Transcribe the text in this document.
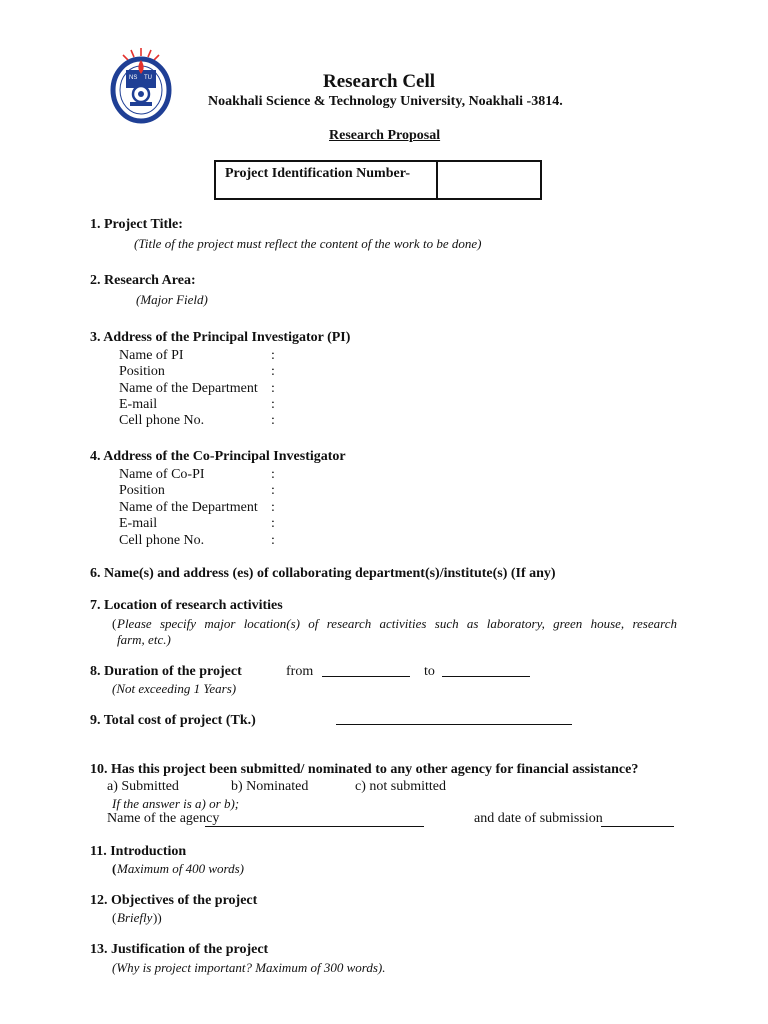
NS TU	Research Cell
Noakhali Science & Technology University, Noakhali -3814.
Research Proposal
Project Identification Number-
1. Project Title:
(Title of the project must reflect the content of the work to be done)
2. Research Area:
(Major Field)
3. Address of the Principal Investigator (PI)
Name of PI	:
Position	:
Name of the Department :
E-mail	:
Cell phone No.	:
4. Address of the Co-Principal Investigator
Name of Co-PI	:
Position	:
Name of the Department :
E-mail	:
Cell phone No.	:
6. Name(s) and address (es) of collaborating department(s)/institute(s) (If any)
7. Location of research activities
( Please specify major location(s) of research activities such as laboratory, green house, research
farm, etc.)
8. Duration of the project	from	to
(Not exceeding 1 Years)
9. Total cost of project (Tk.)
10. Has this project been submitted/ nominated to any other agency for financial assistance?
a) Submitted	b) Nominated	c) not submitted
If the answer is a) or b);
Name of the agency	and date of submission
11. Introduction
( Maximum of 400 words)
12. Objectives of the project
( Briefly ))
13. Justification of the project
(Why is project important? Maximum of 300 words).
